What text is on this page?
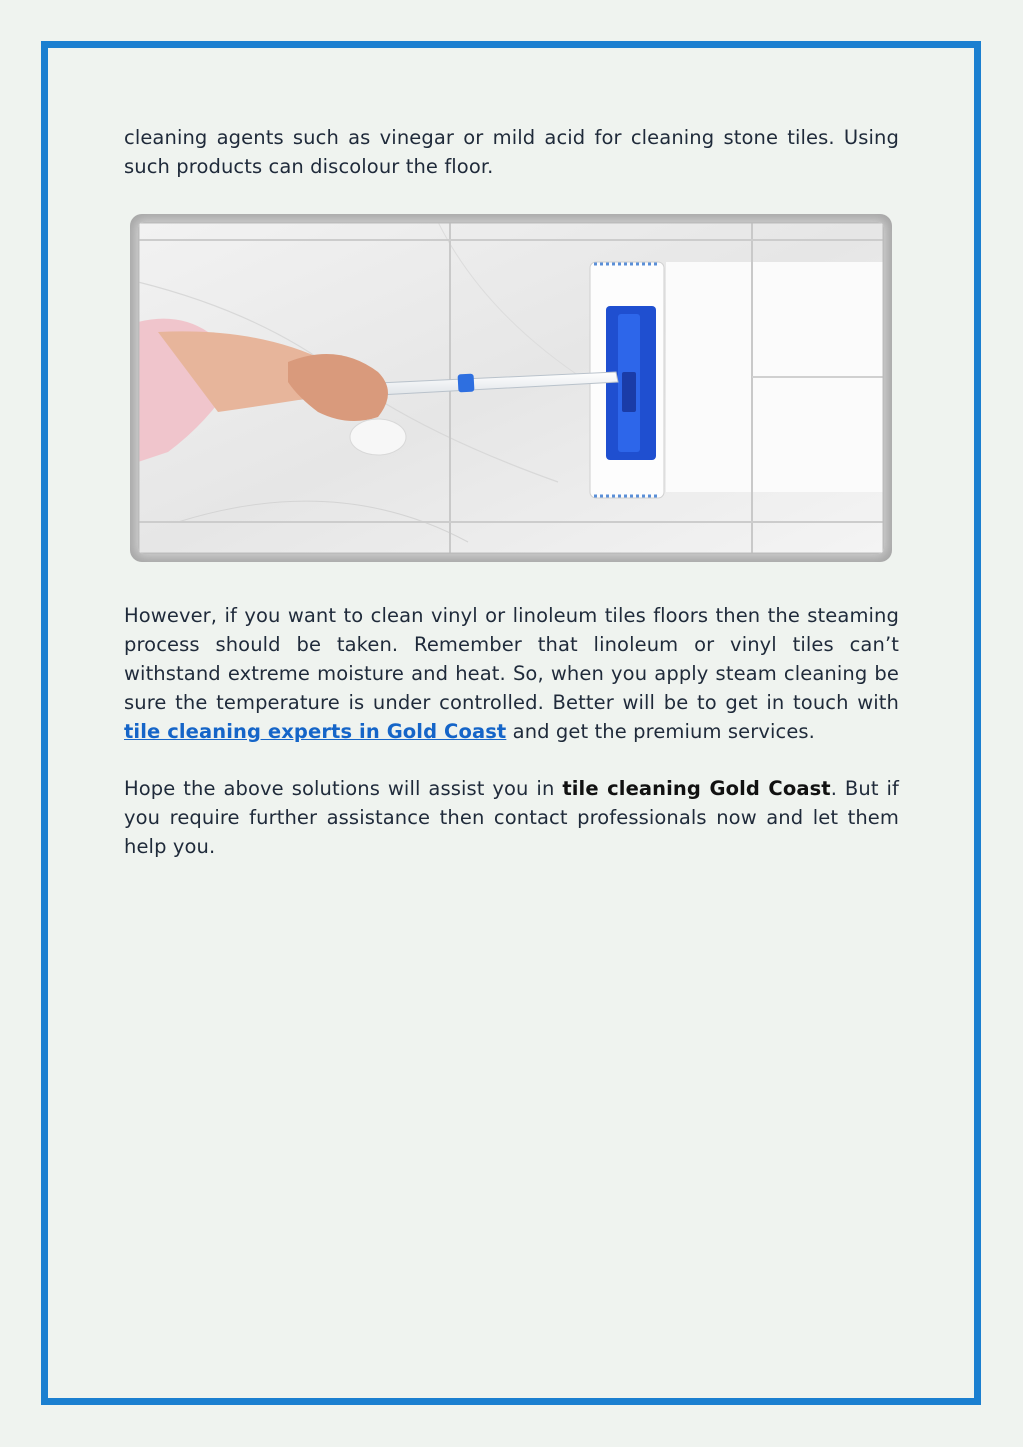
cleaning agents such as vinegar or mild acid for cleaning stone tiles. Using such products can discolour the floor.

However, if you want to clean vinyl or linoleum tiles floors then the steaming process should be taken. Remember that linoleum or vinyl tiles can’t withstand extreme moisture and heat. So, when you apply steam cleaning be sure the temperature is under controlled. Better will be to get in touch with tile cleaning experts in Gold Coast and get the premium services.

Hope the above solutions will assist you in tile cleaning Gold Coast. But if you require further assistance then contact professionals now and let them help you.
